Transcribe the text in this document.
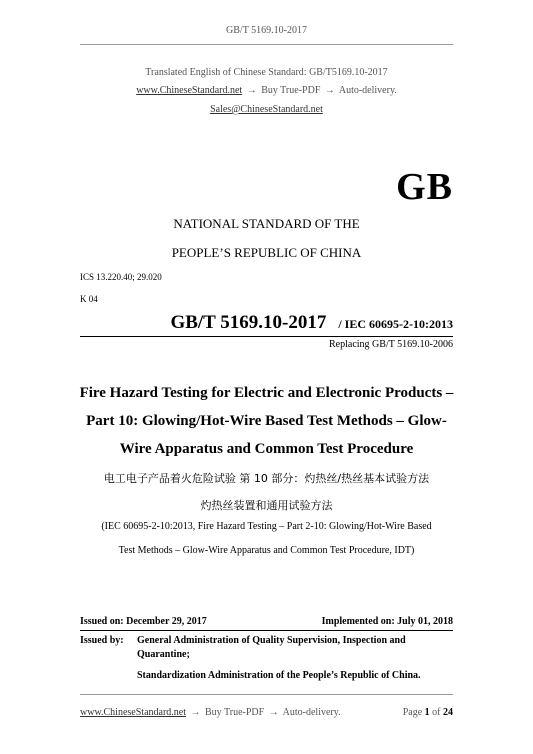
GB/T 5169.10-2017
Translated English of Chinese Standard: GB/T5169.10-2017
www.ChineseStandard.net → Buy True-PDF → Auto-delivery.
Sales@ChineseStandard.net
GB
NATIONAL STANDARD OF THE
PEOPLE’S REPUBLIC OF CHINA
ICS 13.220.40; 29.020
K 04
GB/T 5169.10-2017 / IEC 60695-2-10:2013
Replacing GB/T 5169.10-2006
Fire Hazard Testing for Electric and Electronic Products –
Part 10: Glowing/Hot-Wire Based Test Methods – Glow-
Wire Apparatus and Common Test Procedure
电工电子产品着火危险试验 第 10 部分：灼热丝/热丝基本试验方法
灼热丝装置和通用试验方法
(IEC 60695-2-10:2013, Fire Hazard Testing – Part 2-10: Glowing/Hot-Wire Based
Test Methods – Glow-Wire Apparatus and Common Test Procedure, IDT)
Issued on: December 29, 2017	Implemented on: July 01, 2018
Issued by: General Administration of Quality Supervision, Inspection and
Quarantine;
Standardization Administration of the People’s Republic of China.
www.ChineseStandard.net → Buy True-PDF → Auto-delivery.	Page 1 of 24
